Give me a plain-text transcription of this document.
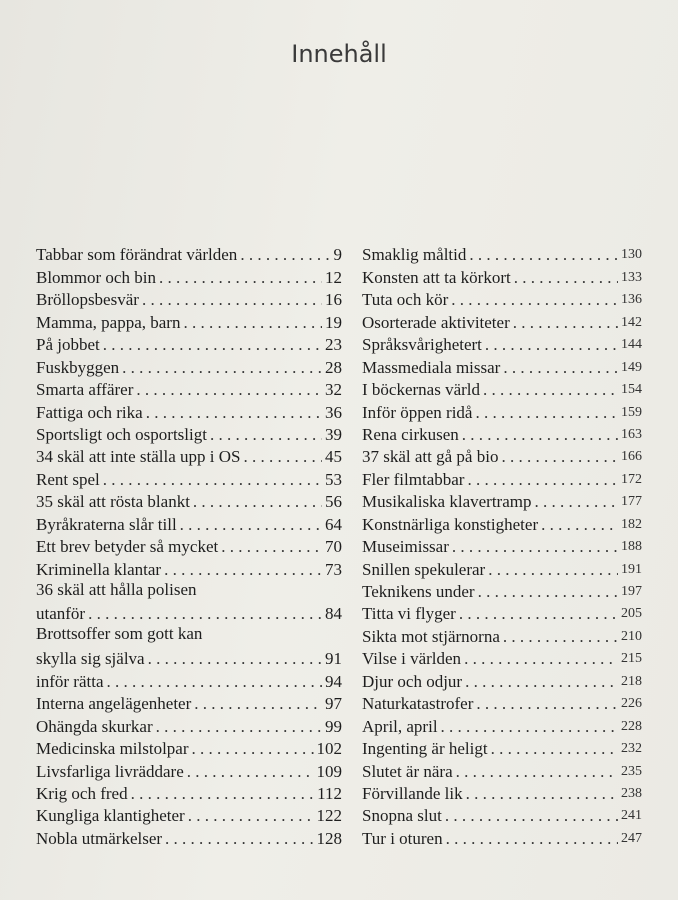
Innehåll
Tabbar som förändrat världen . . .	9
Blommor och bin . . .	12
Bröllopsbesvär . . .	16
Mamma, pappa, barn . . .	19
På jobbet . . .	23
Fuskbyggen . . .	28
Smarta affärer . . .	32
Fattiga och rika . . .	36
Sportsligt och osportsligt . . .	39
34 skäl att inte ställa upp i OS . . .	45
Rent spel . . .	53
35 skäl att rösta blankt . . .	56
Byråkraterna slår till . . .	64
Ett brev betyder så mycket . . .	70
Kriminella klantar . . .	73
36 skäl att hålla polisen
utanför . . .	84
Brottsoffer som gott kan
skylla sig själva . . .	91
inför rätta . . .	94
Interna angelägenheter . . .	97
Ohängda skurkar . . .	99
Medicinska milstolpar . . .	102
Livsfarliga livräddare . . .	109
Krig och fred . . .	112
Kungliga klantigheter . . .	122
Nobla utmärkelser . . .	128
Smaklig måltid . . .	130
Konsten att ta körkort . . .	133
Tuta och kör . . .	136
Osorterade aktiviteter . . .	142
Språksvårighetert . . .	144
Massmediala missar . . .	149
I böckernas värld . . .	154
Inför öppen ridå . . .	159
Rena cirkusen . . .	163
37 skäl att gå på bio . . .	166
Fler filmtabbar . . .	172
Musikaliska klavertramp . . .	177
Konstnärliga konstigheter . . .	182
Museimissar . . .	188
Snillen spekulerar . . .	191
Teknikens under . . .	197
Titta vi flyger . . .	205
Sikta mot stjärnorna . . .	210
Vilse i världen . . .	215
Djur och odjur . . .	218
Naturkatastrofer . . .	226
April, april . . .	228
Ingenting är heligt . . .	232
Slutet är nära . . .	235
Förvillande lik . . .	238
Snopna slut . . .	241
Tur i oturen . . .	247
